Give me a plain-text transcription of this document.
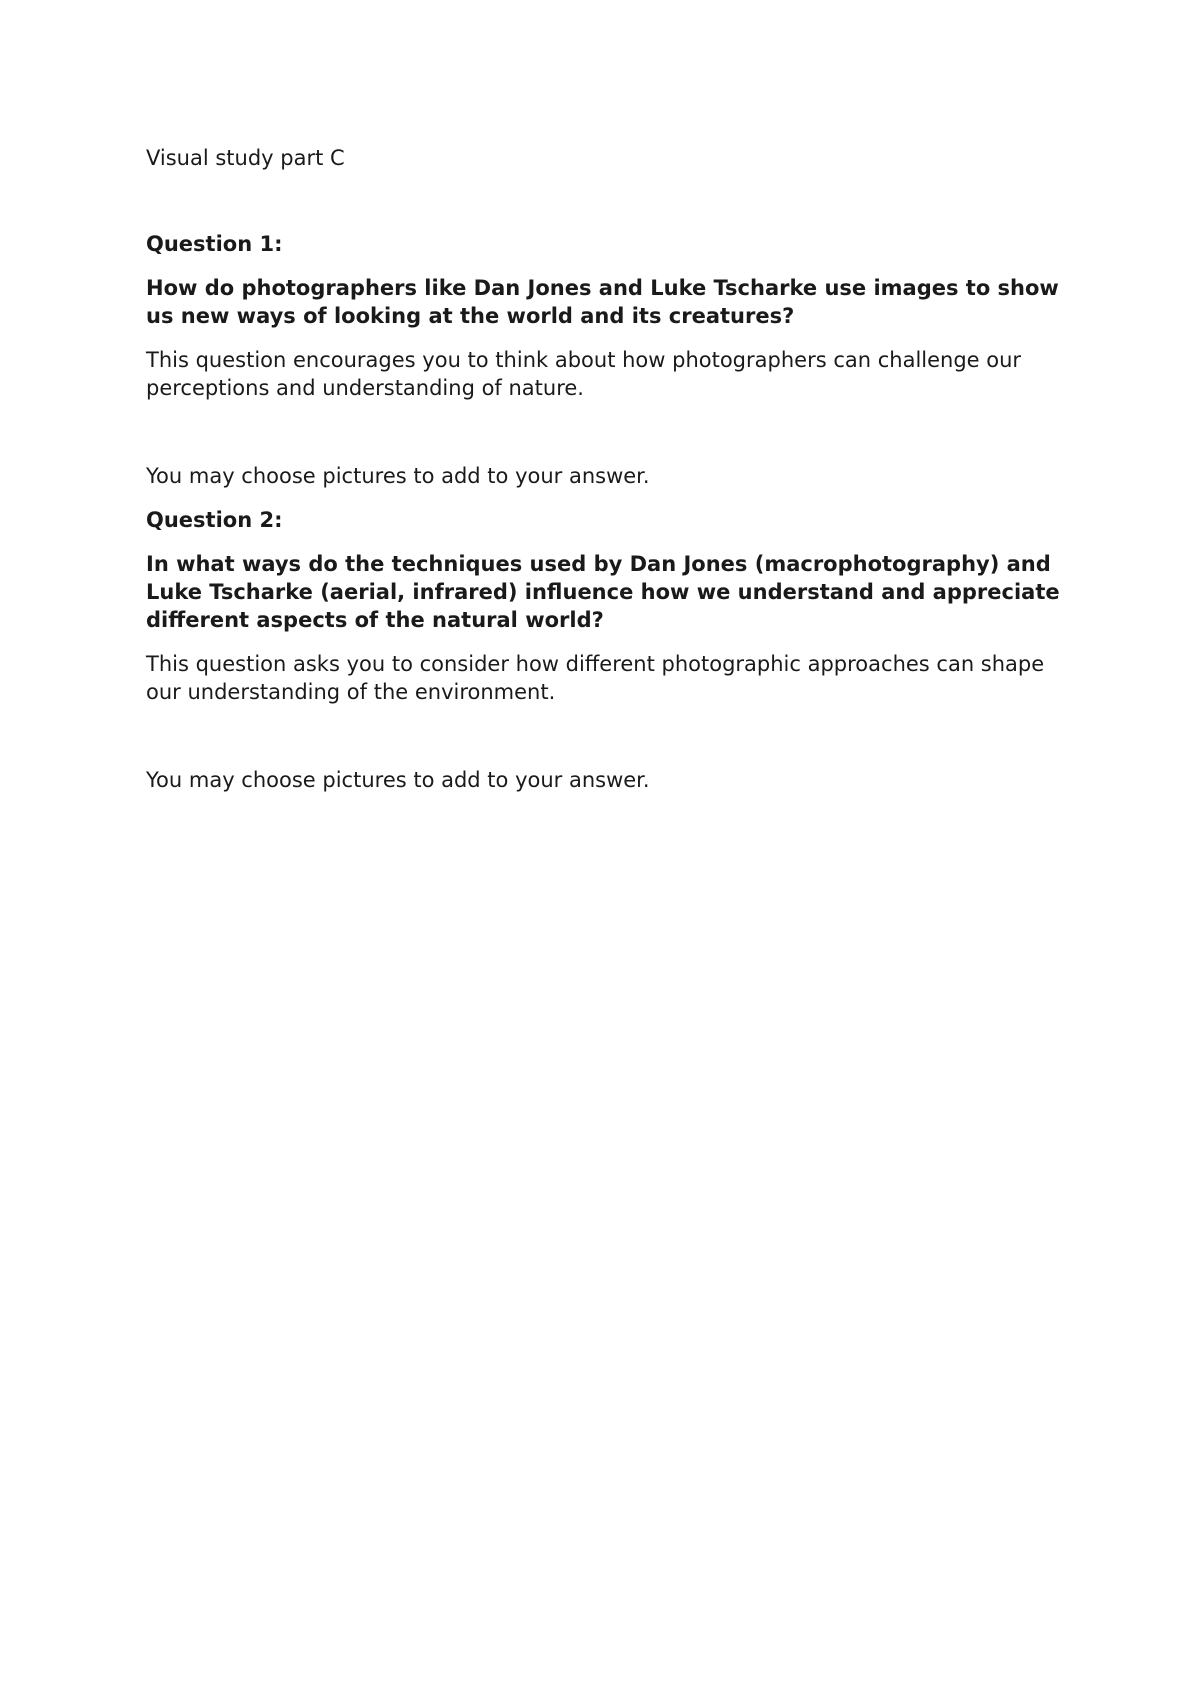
Visual study part C

Question 1:

How do photographers like Dan Jones and Luke Tscharke use images to show us new ways of looking at the world and its creatures?

This question encourages you to think about how photographers can challenge our perceptions and understanding of nature.

You may choose pictures to add to your answer.

Question 2:

In what ways do the techniques used by Dan Jones (macrophotography) and Luke Tscharke (aerial, infrared) influence how we understand and appreciate different aspects of the natural world?

This question asks you to consider how different photographic approaches can shape our understanding of the environment.

You may choose pictures to add to your answer.
